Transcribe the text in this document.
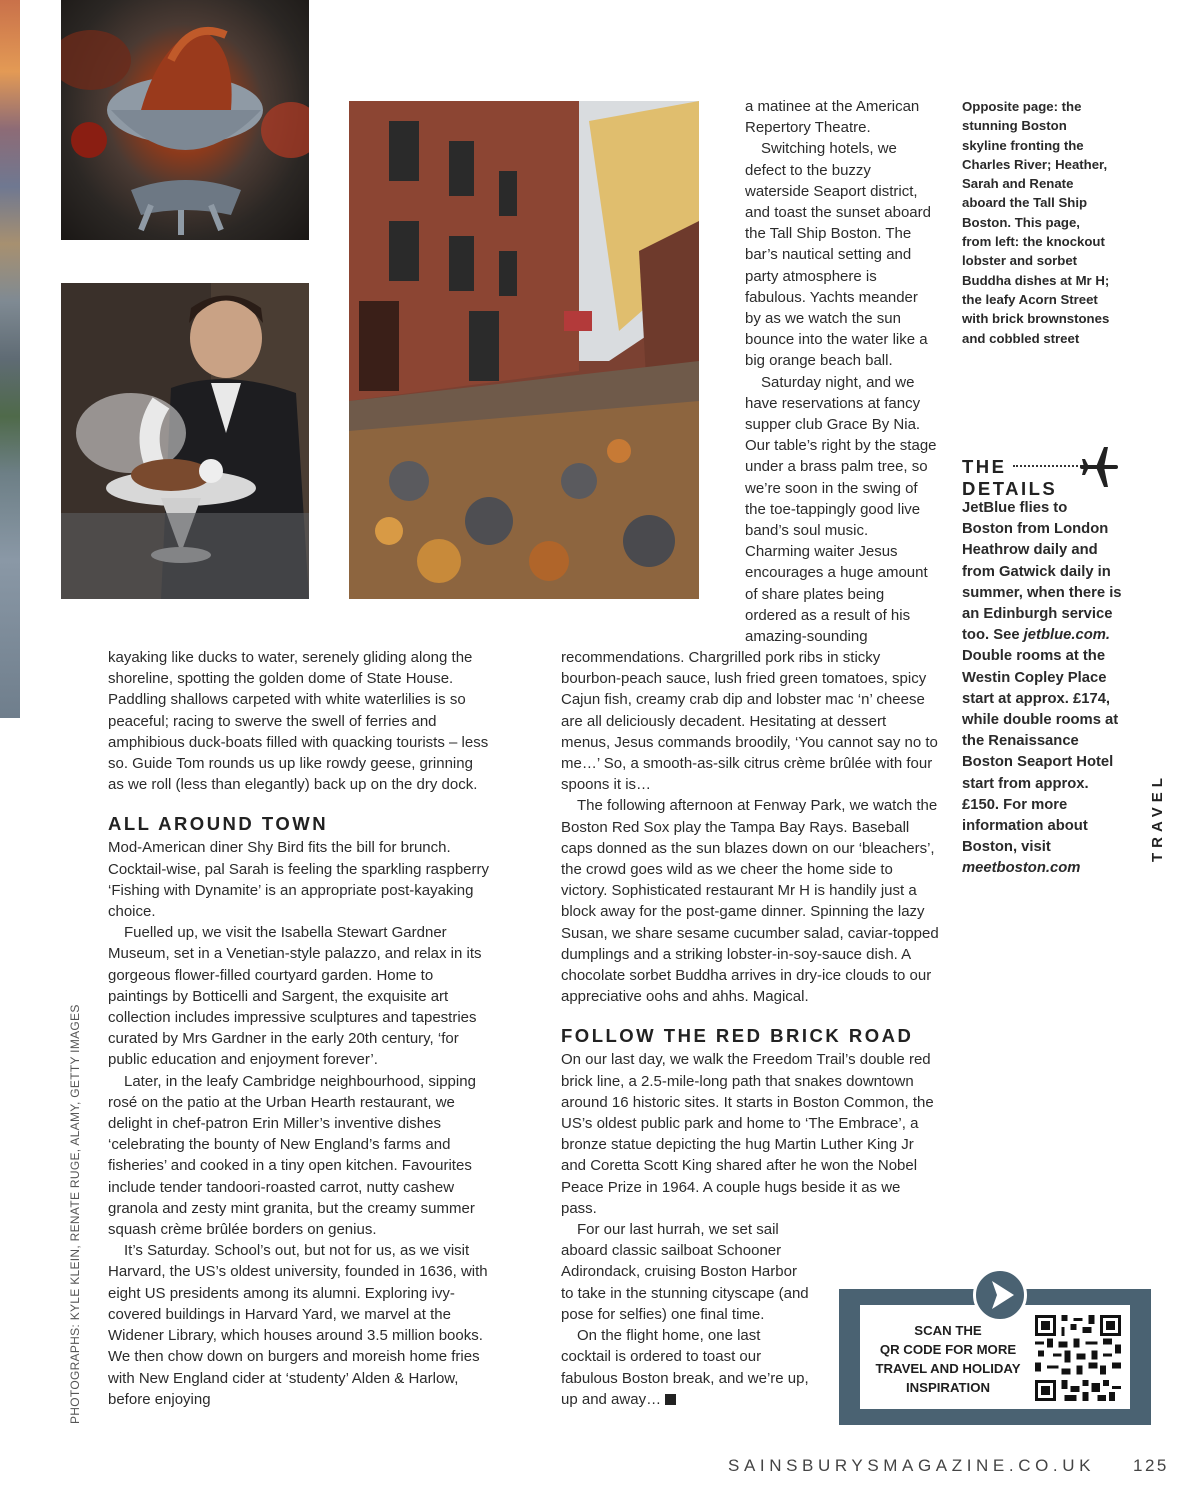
a matinee at the American Repertory Theatre.

Switching hotels, we defect to the buzzy waterside Seaport district, and toast the sunset aboard the Tall Ship Boston. The bar’s nautical setting and party atmosphere is fabulous. Yachts meander by as we watch the sun bounce into the water like a big orange beach ball.

Saturday night, and we have reservations at fancy supper club Grace By Nia. Our table’s right by the stage under a brass palm tree, so we’re soon in the swing of the toe-tappingly good live band’s soul music. Charming waiter Jesus encourages a huge amount of share plates being ordered as a result of his amazing-sounding

kayaking like ducks to water, serenely gliding along the shoreline, spotting the golden dome of State House. Paddling shallows carpeted with white waterlilies is so peaceful; racing to swerve the swell of ferries and amphibious duck-boats filled with quacking tourists – less so. Guide Tom rounds us up like rowdy geese, grinning as we roll (less than elegantly) back up on the dry dock.

ALL AROUND TOWN

Mod-American diner Shy Bird fits the bill for brunch. Cocktail-wise, pal Sarah is feeling the sparkling raspberry ‘Fishing with Dynamite’ is an appropriate post-kayaking choice.

Fuelled up, we visit the Isabella Stewart Gardner Museum, set in a Venetian-style palazzo, and relax in its gorgeous flower-filled courtyard garden. Home to paintings by Botticelli and Sargent, the exquisite art collection includes impressive sculptures and tapestries curated by Mrs Gardner in the early 20th century, ‘for public education and enjoyment forever’.

Later, in the leafy Cambridge neighbourhood, sipping rosé on the patio at the Urban Hearth restaurant, we delight in chef-patron Erin Miller’s inventive dishes ‘celebrating the bounty of New England’s farms and fisheries’ and cooked in a tiny open kitchen. Favourites include tender tandoori-roasted carrot, nutty cashew granola and zesty mint granita, but the creamy summer squash crème brûlée borders on genius.

It’s Saturday. School’s out, but not for us, as we visit Harvard, the US’s oldest university, founded in 1636, with eight US presidents among its alumni. Exploring ivy-covered buildings in Harvard Yard, we marvel at the Widener Library, which houses around 3.5 million books. We then chow down on burgers and moreish home fries with New England cider at ‘studenty’ Alden & Harlow, before enjoying

recommendations. Chargrilled pork ribs in sticky bourbon-peach sauce, lush fried green tomatoes, spicy Cajun fish, creamy crab dip and lobster mac ‘n’ cheese are all deliciously decadent. Hesitating at dessert menus, Jesus commands broodily, ‘You cannot say no to me…’ So, a smooth-as-silk citrus crème brûlée with four spoons it is…

The following afternoon at Fenway Park, we watch the Boston Red Sox play the Tampa Bay Rays. Baseball caps donned as the sun blazes down on our ‘bleachers’, the crowd goes wild as we cheer the home side to victory. Sophisticated restaurant Mr H is handily just a block away for the post-game dinner. Spinning the lazy Susan, we share sesame cucumber salad, caviar-topped dumplings and a striking lobster-in-soy-sauce dish. A chocolate sorbet Buddha arrives in dry-ice clouds to our appreciative oohs and ahhs. Magical.

FOLLOW THE RED BRICK ROAD

On our last day, we walk the Freedom Trail’s double red brick line, a 2.5-mile-long path that snakes downtown around 16 historic sites. It starts in Boston Common, the US’s oldest public park and home to ‘The Embrace’, a bronze statue depicting the hug Martin Luther King Jr and Coretta Scott King shared after he won the Nobel Peace Prize in 1964. A couple hugs beside it as we pass.

For our last hurrah, we set sail aboard classic sailboat Schooner Adirondack, cruising Boston Harbor to take in the stunning cityscape (and pose for selfies) one final time.

On the flight home, one last cocktail is ordered to toast our fabulous Boston break, and we’re up, up and away…

Opposite page: the stunning Boston skyline fronting the Charles River; Heather, Sarah and Renate aboard the Tall Ship Boston. This page, from left: the knockout lobster and sorbet Buddha dishes at Mr H; the leafy Acorn Street with brick brownstones and cobbled street
THE
DETAILS
JetBlue flies to Boston from London Heathrow daily and from Gatwick daily in summer, when there is an Edinburgh service too. See jetblue.com. Double rooms at the Westin Copley Place start at approx. £174, while double rooms at the Renaissance Boston Seaport Hotel start from approx. £150. For more information about Boston, visit meetboston.com
TRAVEL
PHOTOGRAPHS: KYLE KLEIN, RENATE RUGE, ALAMY, GETTY IMAGES	SCAN THE
QR CODE FOR MORE
TRAVEL AND HOLIDAY
INSPIRATION
SAINSBURYSMAGAZINE.CO.UK 125
